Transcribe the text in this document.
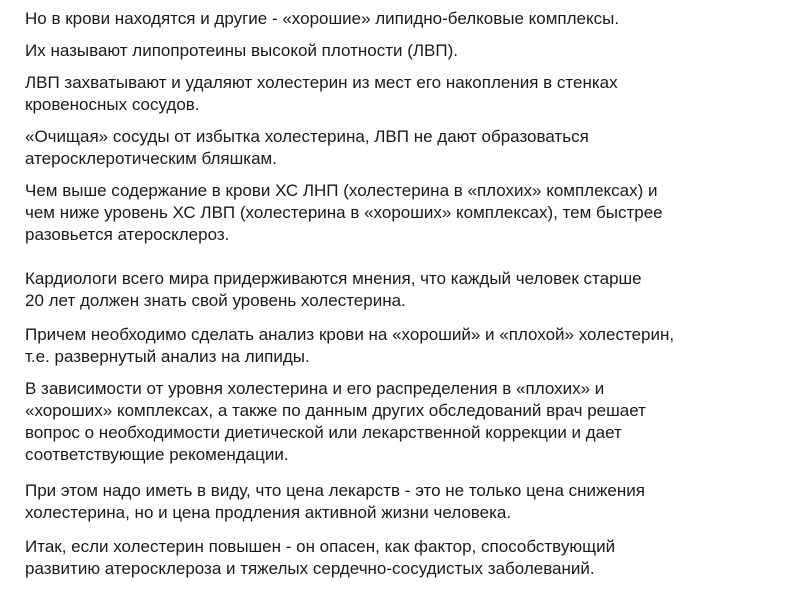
Но в крови находятся и другие - «хорошие» липидно-белковые комплексы.

Их называют липопротеины высокой плотности (ЛВП).

ЛВП захватывают и удаляют холестерин из мест его накопления в стенках
кровеносных сосудов.

«Очищая» сосуды от избытка холестерина, ЛВП не дают образоваться
атеросклеротическим бляшкам.

Чем выше содержание в крови ХС ЛНП (холестерина в «плохих» комплексах) и
чем ниже уровень ХС ЛВП (холестерина в «хороших» комплексах), тем быстрее
разовьется атеросклероз.

Кардиологи всего мира придерживаются мнения, что каждый человек старше
20 лет должен знать свой уровень холестерина.

Причем необходимо сделать анализ крови на «хороший» и «плохой» холестерин,
т.е. развернутый анализ на липиды.

В зависимости от уровня холестерина и его распределения в «плохих» и
«хороших» комплексах, а также по данным других обследований врач решает
вопрос о необходимости диетической или лекарственной коррекции и дает
соответствующие рекомендации.

При этом надо иметь в виду, что цена лекарств - это не только цена снижения
холестерина, но и цена продления активной жизни человека.

Итак, если холестерин повышен - он опасен, как фактор, способствующий
развитию атеросклероза и тяжелых сердечно-сосудистых заболеваний.
